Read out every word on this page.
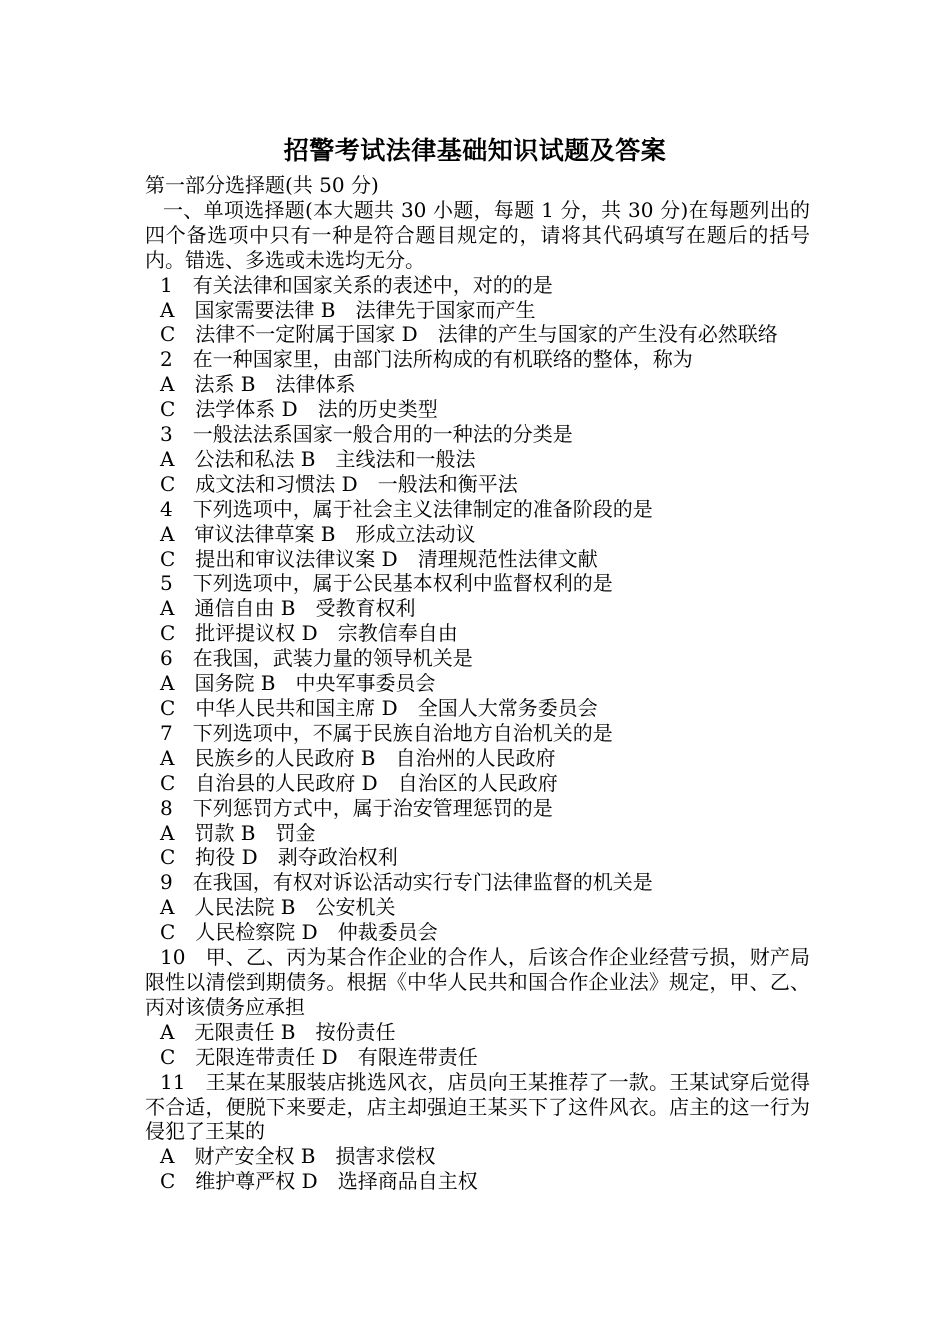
招警考试法律基础知识试题及答案
第一部分选择题(共 50 分)
一、单项选择题(本大题共 30 小题，每题 1 分，共 30 分)在每题列出的四个备选项中只有一种是符合题目规定的，请将其代码填写在题后的括号内。错选、多选或未选均无分。
1 有关法律和国家关系的表述中，对的的是
A　国家需要法律 B　法律先于国家而产生
C　法律不一定附属于国家 D　法律的产生与国家的产生没有必然联络
2 在一种国家里，由部门法所构成的有机联络的整体，称为
A　法系 B　法律体系
C　法学体系 D　法的历史类型
3 一般法法系国家一般合用的一种法的分类是
A　公法和私法 B　主线法和一般法
C　成文法和习惯法 D　一般法和衡平法
4 下列选项中，属于社会主义法律制定的准备阶段的是
A　审议法律草案 B　形成立法动议
C　提出和审议法律议案 D　清理规范性法律文献
5 下列选项中，属于公民基本权利中监督权利的是
A　通信自由 B　受教育权利
C　批评提议权 D　宗教信奉自由
6 在我国，武装力量的领导机关是
A　国务院 B　中央军事委员会
C　中华人民共和国主席 D　全国人大常务委员会
7 下列选项中，不属于民族自治地方自治机关的是
A　民族乡的人民政府 B　自治州的人民政府
C　自治县的人民政府 D　自治区的人民政府
8 下列惩罚方式中，属于治安管理惩罚的是
A　罚款 B　罚金
C　拘役 D　剥夺政治权利
9 在我国，有权对诉讼活动实行专门法律监督的机关是
A　人民法院 B　公安机关
C　人民检察院 D　仲裁委员会
10 甲、乙、丙为某合作企业的合作人，后该合作企业经营亏损，财产局限性以清偿到期债务。根据《中华人民共和国合作企业法》规定，甲、乙、丙对该债务应承担
A　无限责任 B　按份责任
C　无限连带责任 D　有限连带责任
11 王某在某服装店挑选风衣，店员向王某推荐了一款。王某试穿后觉得不合适，便脱下来要走，店主却强迫王某买下了这件风衣。店主的这一行为侵犯了王某的
A　财产安全权 B　损害求偿权
C　维护尊严权 D　选择商品自主权
